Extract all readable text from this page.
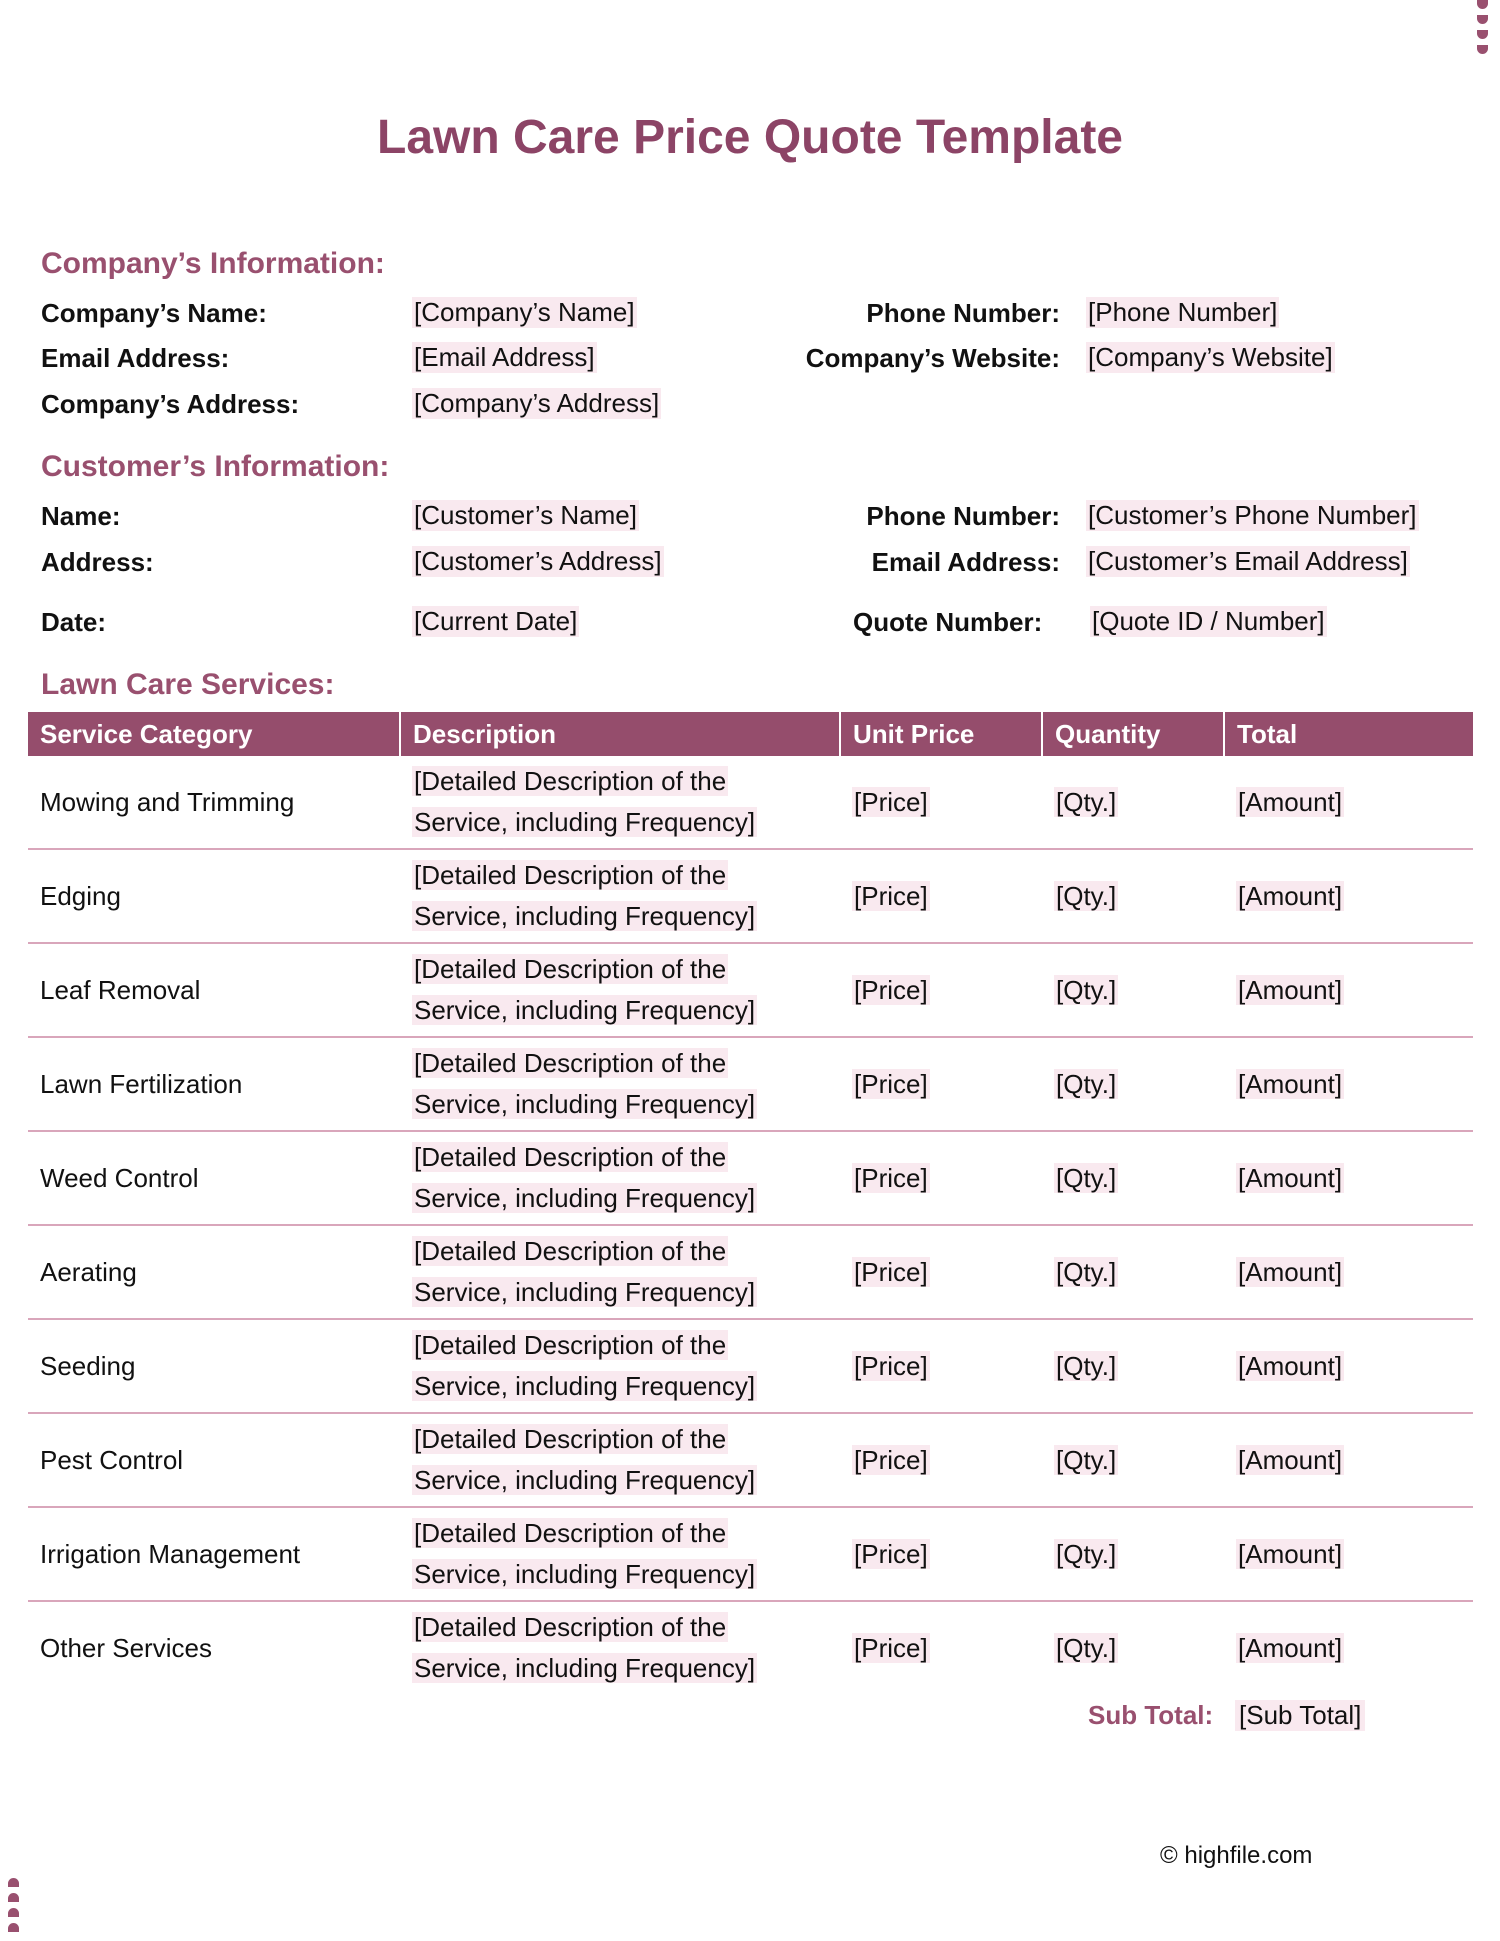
Lawn Care Price Quote Template
Company’s Information:
Company’s Name:	[Company’s Name]
Email Address:	[Email Address]
Company’s Address:	[Company’s Address]
Phone Number: [Phone Number]
Company’s Website: [Company’s Website]
Customer’s Information:
Name:	[Customer’s Name]
Address:	[Customer’s Address]
Date:	[Current Date]
Phone Number: [Customer’s Phone Number]
Email Address: [Customer’s Email Address]
Quote Number: [Quote ID / Number]
Lawn Care Services:
Service Category	Description	Unit Price	Quantity	Total
Mowing and Trimming	[Detailed Description of the
Service, including Frequency]	[Price]	[Qty.]	[Amount]
Edging	[Detailed Description of the
Service, including Frequency]	[Price]	[Qty.]	[Amount]
Leaf Removal	[Detailed Description of the
Service, including Frequency]	[Price]	[Qty.]	[Amount]
Lawn Fertilization	[Detailed Description of the
Service, including Frequency]	[Price]	[Qty.]	[Amount]
Weed Control	[Detailed Description of the
Service, including Frequency]	[Price]	[Qty.]	[Amount]
Aerating	[Detailed Description of the
Service, including Frequency]	[Price]	[Qty.]	[Amount]
Seeding	[Detailed Description of the
Service, including Frequency]	[Price]	[Qty.]	[Amount]
Pest Control	[Detailed Description of the
Service, including Frequency]	[Price]	[Qty.]	[Amount]
Irrigation Management	[Detailed Description of the
Service, including Frequency]	[Price]	[Qty.]	[Amount]
Other Services	[Detailed Description of the
Service, including Frequency]	[Price]	[Qty.]	[Amount]
Sub Total: [Sub Total]
© highfile.com
